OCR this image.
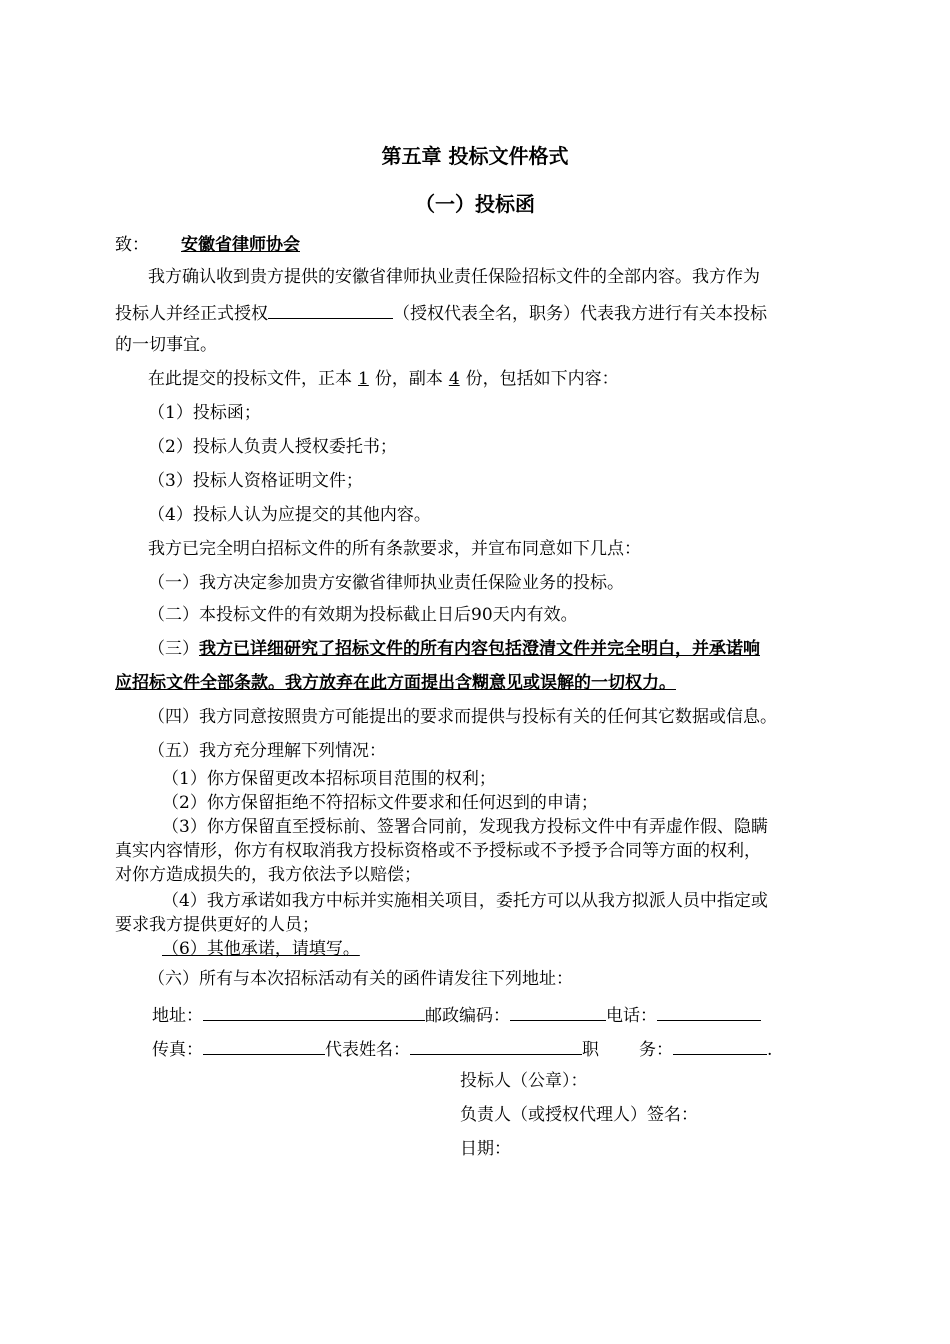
第五章 投标文件格式
（一）投标函
致： 安徽省律师协会
我方确认收到贵方提供的安徽省律师执业责任保险招标文件的全部内容。我方作为
投标人并经正式授权	（授权代表全名，职务）代表我方进行有关本投标
的一切事宜。
在此提交的投标文件，正本 1 份，副本 4 份，包括如下内容：
（1）投标函；
（2）投标人负责人授权委托书；
（3）投标人资格证明文件；
（4）投标人认为应提交的其他内容。
我方已完全明白招标文件的所有条款要求，并宣布同意如下几点：
（一）我方决定参加贵方安徽省律师执业责任保险业务的投标。
（二）本投标文件的有效期为投标截止日后90天内有效。
（三）我方已详细研究了招标文件的所有内容包括澄清文件并完全明白，并承诺响
应招标文件全部条款。我方放弃在此方面提出含糊意见或误解的一切权力。
（四）我方同意按照贵方可能提出的要求而提供与投标有关的任何其它数据或信息。
（五）我方充分理解下列情况：
（1）你方保留更改本招标项目范围的权利；
（2）你方保留拒绝不符招标文件要求和任何迟到的申请；
（3）你方保留直至授标前、签署合同前，发现我方投标文件中有弄虚作假、隐瞒
真实内容情形，你方有权取消我方投标资格或不予授标或不予授予合同等方面的权利，
对你方造成损失的，我方依法予以赔偿；
（4）我方承诺如我方中标并实施相关项目，委托方可以从我方拟派人员中指定或
要求我方提供更好的人员；
（6）其他承诺，请填写。
（六）所有与本次招标活动有关的函件请发往下列地址：
地址：	邮政编码：	电话：
传真：	代表姓名：	职 务：	.
投标人（公章）：
负责人（或授权代理人）签名：
日期：
